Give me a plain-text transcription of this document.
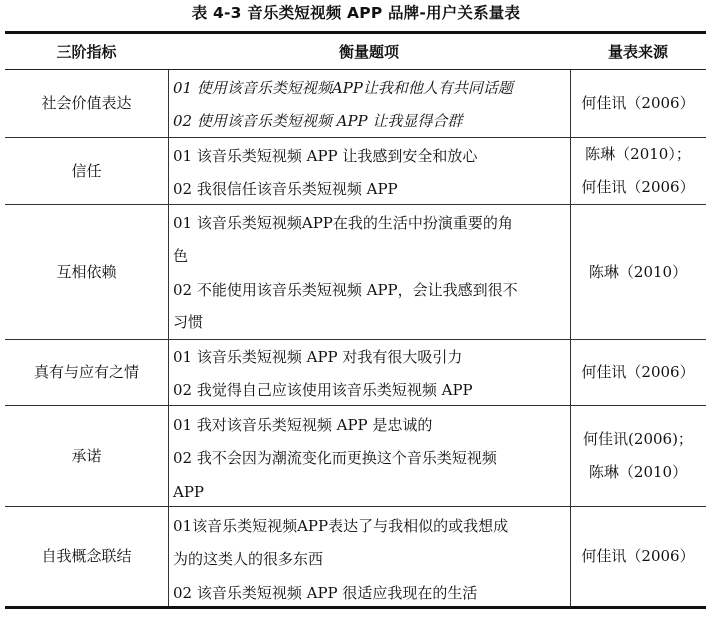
表 4-3 音乐类短视频 APP 品牌-用户关系量表
三阶指标	衡量题项	量表来源
社会价值表达
01 使用该音乐类短视频APP让我和他人有共同话题
02 使用该音乐类短视频 APP 让我显得合群
何佳讯（2006）
信任
01 该音乐类短视频 APP 让我感到安全和放心
02 我很信任该音乐类短视频 APP
陈琳（2010）；
何佳讯（2006）
互相依赖
01 该音乐类短视频APP在我的生活中扮演重要的角
色
02 不能使用该音乐类短视频 APP，会让我感到很不
习惯
陈琳（2010）
真有与应有之情
01 该音乐类短视频 APP 对我有很大吸引力
02 我觉得自己应该使用该音乐类短视频 APP
何佳讯（2006）
承诺
01 我对该音乐类短视频 APP 是忠诚的
02 我不会因为潮流变化而更换这个音乐类短视频
APP
何佳讯(2006)；
陈琳（2010）
自我概念联结
01该音乐类短视频APP表达了与我相似的或我想成
为的这类人的很多东西
02 该音乐类短视频 APP 很适应我现在的生活
何佳讯（2006）
